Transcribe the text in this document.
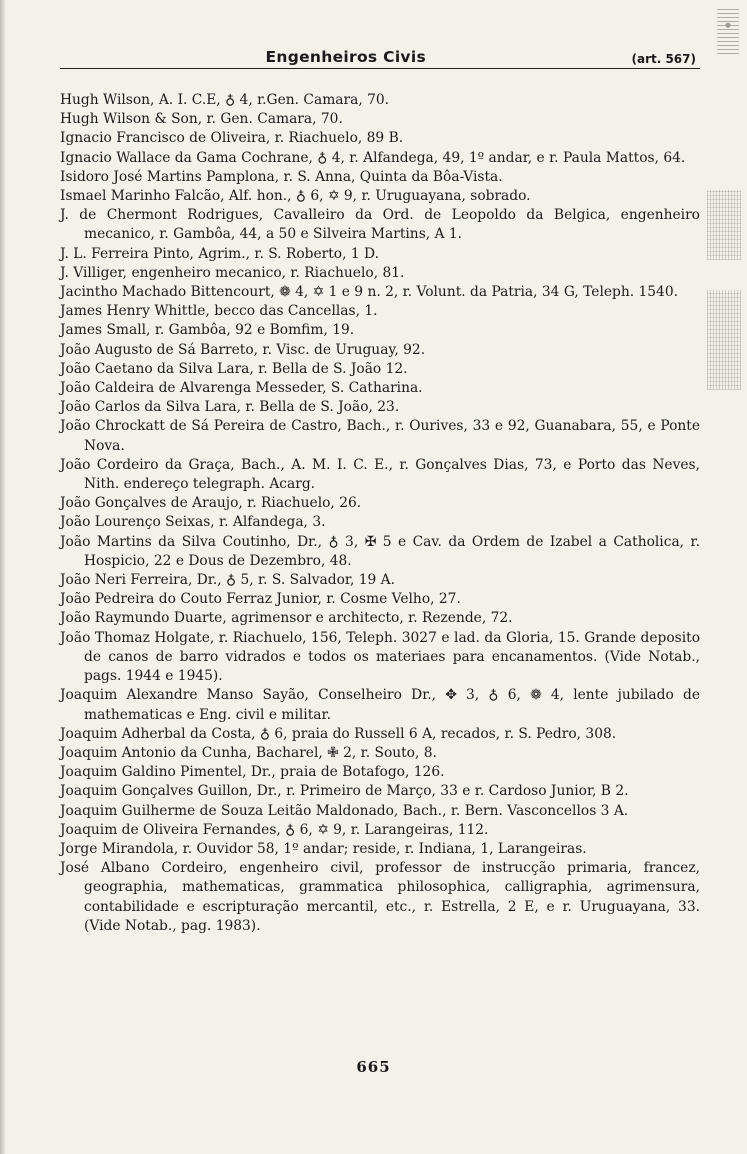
Engenheiros Civis	(art. 567)
Hugh Wilson, A. I. C.E, ♁ 4, r.Gen. Camara, 70.
Hugh Wilson & Son, r. Gen. Camara, 70.
Ignacio Francisco de Oliveira, r. Riachuelo, 89 B.
Ignacio Wallace da Gama Cochrane, ♁ 4, r. Alfandega, 49, 1º andar, e r. Paula Mattos, 64.
Isidoro José Martins Pamplona, r. S. Anna, Quinta da Bôa-Vista.
Ismael Marinho Falcão, Alf. hon., ♁ 6, ✡ 9, r. Uruguayana, sobrado.
J. de Chermont Rodrigues, Cavalleiro da Ord. de Leopoldo da Belgica, engenheiro mecanico, r. Gambôa, 44, a 50 e Silveira Martins, A 1.
J. L. Ferreira Pinto, Agrim., r. S. Roberto, 1 D.
J. Villiger, engenheiro mecanico, r. Riachuelo, 81.
Jacintho Machado Bittencourt, ❁ 4, ✡ 1 e 9 n. 2, r. Volunt. da Patria, 34 G, Teleph. 1540.
James Henry Whittle, becco das Cancellas, 1.
James Small, r. Gambôa, 92 e Bomfim, 19.
João Augusto de Sá Barreto, r. Visc. de Uruguay, 92.
João Caetano da Silva Lara, r. Bella de S. João 12.
João Caldeira de Alvarenga Messeder, S. Catharina.
João Carlos da Silva Lara, r. Bella de S. João, 23.
João Chrockatt de Sá Pereira de Castro, Bach., r. Ourives, 33 e 92, Guanabara, 55, e Ponte Nova.
João Cordeiro da Graça, Bach., A. M. I. C. E., r. Gonçalves Dias, 73, e Porto das Neves, Nith. endereço telegraph. Acarg.
João Gonçalves de Araujo, r. Riachuelo, 26.
João Lourenço Seixas, r. Alfandega, 3.
João Martins da Silva Coutinho, Dr., ♁ 3, ✠ 5 e Cav. da Ordem de Izabel a Catholica, r. Hospicio, 22 e Dous de Dezembro, 48.
João Neri Ferreira, Dr., ♁ 5, r. S. Salvador, 19 A.
João Pedreira do Couto Ferraz Junior, r. Cosme Velho, 27.
João Raymundo Duarte, agrimensor e architecto, r. Rezende, 72.
João Thomaz Holgate, r. Riachuelo, 156, Teleph. 3027 e lad. da Gloria, 15. Grande deposito de canos de barro vidrados e todos os materiaes para encanamentos. (Vide Notab., pags. 1944 e 1945).
Joaquim Alexandre Manso Sayão, Conselheiro Dr., ✥ 3, ♁ 6, ❁ 4, lente jubilado de mathematicas e Eng. civil e militar.
Joaquim Adherbal da Costa, ♁ 6, praia do Russell 6 A, recados, r. S. Pedro, 308.
Joaquim Antonio da Cunha, Bacharel, ✙ 2, r. Souto, 8.
Joaquim Galdino Pimentel, Dr., praia de Botafogo, 126.
Joaquim Gonçalves Guillon, Dr., r. Primeiro de Março, 33 e r. Cardoso Junior, B 2.
Joaquim Guilherme de Souza Leitão Maldonado, Bach., r. Bern. Vasconcellos 3 A.
Joaquim de Oliveira Fernandes, ♁ 6, ✡ 9, r. Larangeiras, 112.
Jorge Mirandola, r. Ouvidor 58, 1º andar; reside, r. Indiana, 1, Larangeiras.
José Albano Cordeiro, engenheiro civil, professor de instrucção primaria, francez, geographia, mathematicas, grammatica philosophica, calligraphia, agrimensura, contabilidade e escripturação mercantil, etc., r. Estrella, 2 E, e r. Uruguayana, 33. (Vide Notab., pag. 1983).
665
